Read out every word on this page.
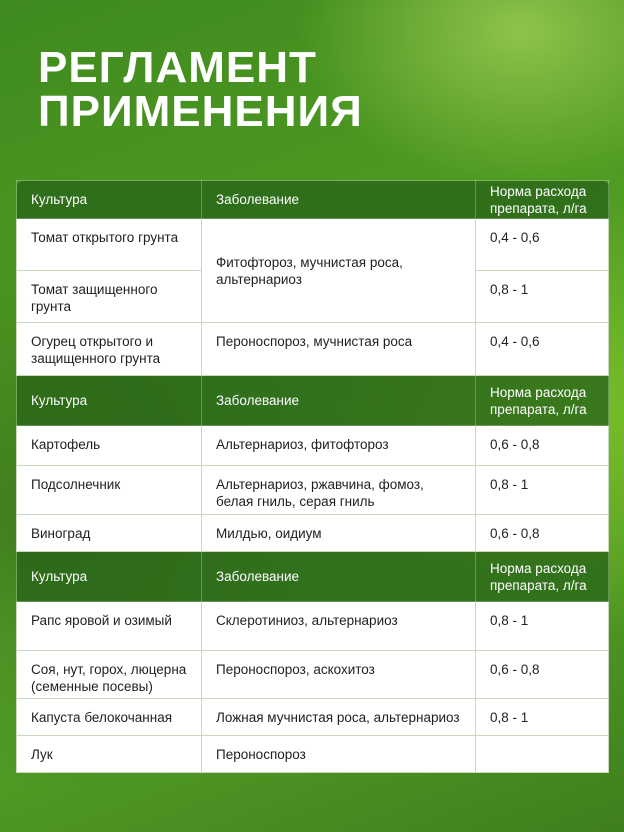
РЕГЛАМЕНТ
ПРИМЕНЕНИЯ
Культура	Заболевание	Норма расхода препарата, л/га
Томат открытого грунта	Фитофтороз, мучнистая роса, альтернариоз	0,4 - 0,6
Томат защищенного грунта		0,8 - 1
Огурец открытого и защищенного грунта	Пероноспороз, мучнистая роса	0,4 - 0,6
Культура	Заболевание	Норма расхода препарата, л/га
Картофель	Альтернариоз, фитофтороз	0,6 - 0,8
Подсолнечник	Альтернариоз, ржавчина, фомоз, белая гниль, серая гниль	0,8 - 1
Виноград	Милдью, оидиум	0,6 - 0,8
Культура	Заболевание	Норма расхода препарата, л/га
Рапс яровой и озимый	Склеротиниоз, альтернариоз	0,8 - 1
Соя, нут, горох, люцерна (семенные посевы)	Пероноспороз, аскохитоз	0,6 - 0,8
Капуста белокочанная	Ложная мучнистая роса, альтернариоз	0,8 - 1
Лук	Пероноспороз	
